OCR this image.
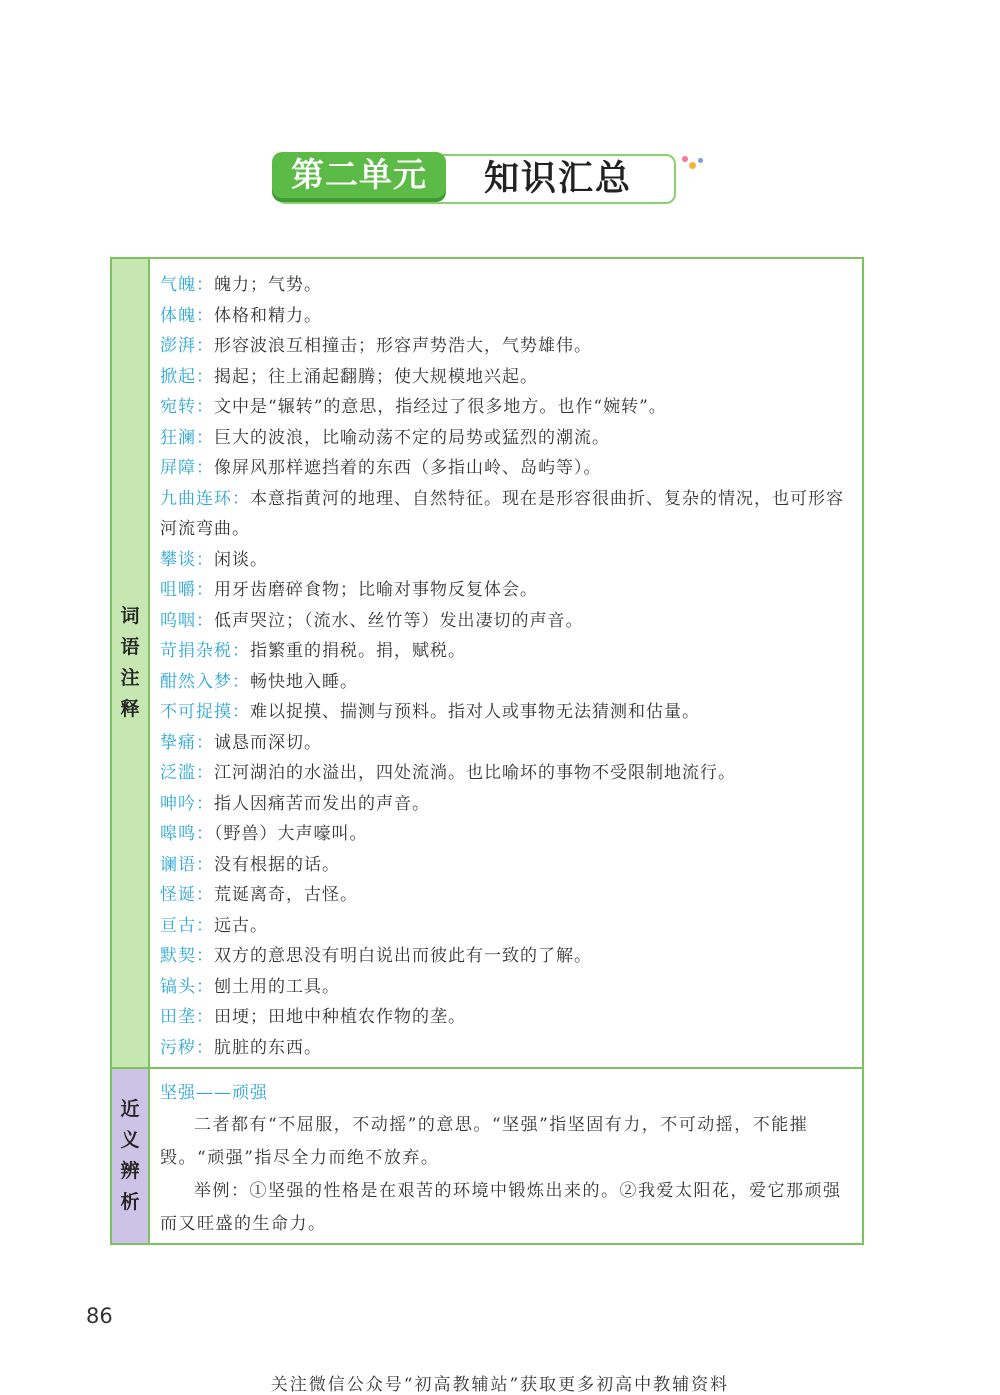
第二单元	知识汇总
词语注释
气魄：魄力；气势。
体魄：体格和精力。
澎湃：形容波浪互相撞击；形容声势浩大，气势雄伟。
掀起：揭起；往上涌起翻腾；使大规模地兴起。
宛转：文中是“辗转”的意思，指经过了很多地方。也作“婉转”。
狂澜：巨大的波浪，比喻动荡不定的局势或猛烈的潮流。
屏障：像屏风那样遮挡着的东西（多指山岭、岛屿等）。
九曲连环：本意指黄河的地理、自然特征。现在是形容很曲折、复杂的情况，也可形容河流弯曲。
攀谈：闲谈。
咀嚼：用牙齿磨碎食物；比喻对事物反复体会。
呜咽：低声哭泣；（流水、丝竹等）发出凄切的声音。
苛捐杂税：指繁重的捐税。捐，赋税。
酣然入梦：畅快地入睡。
不可捉摸：难以捉摸、揣测与预料。指对人或事物无法猜测和估量。
挚痛：诚恳而深切。
泛滥：江河湖泊的水溢出，四处流淌。也比喻坏的事物不受限制地流行。
呻吟：指人因痛苦而发出的声音。
嗥鸣：（野兽）大声嚎叫。
谰语：没有根据的话。
怪诞：荒诞离奇，古怪。
亘古：远古。
默契：双方的意思没有明白说出而彼此有一致的了解。
镐头：刨土用的工具。
田垄：田埂；田地中种植农作物的垄。
污秽：肮脏的东西。
近义辨析
坚强——顽强

二者都有“不屈服，不动摇”的意思。“坚强”指坚固有力，不可动摇，不能摧毁。“顽强”指尽全力而绝不放弃。

举例：①坚强的性格是在艰苦的环境中锻炼出来的。②我爱太阳花，爱它那顽强而又旺盛的生命力。

86
关注微信公众号“初高教辅站”获取更多初高中教辅资料
